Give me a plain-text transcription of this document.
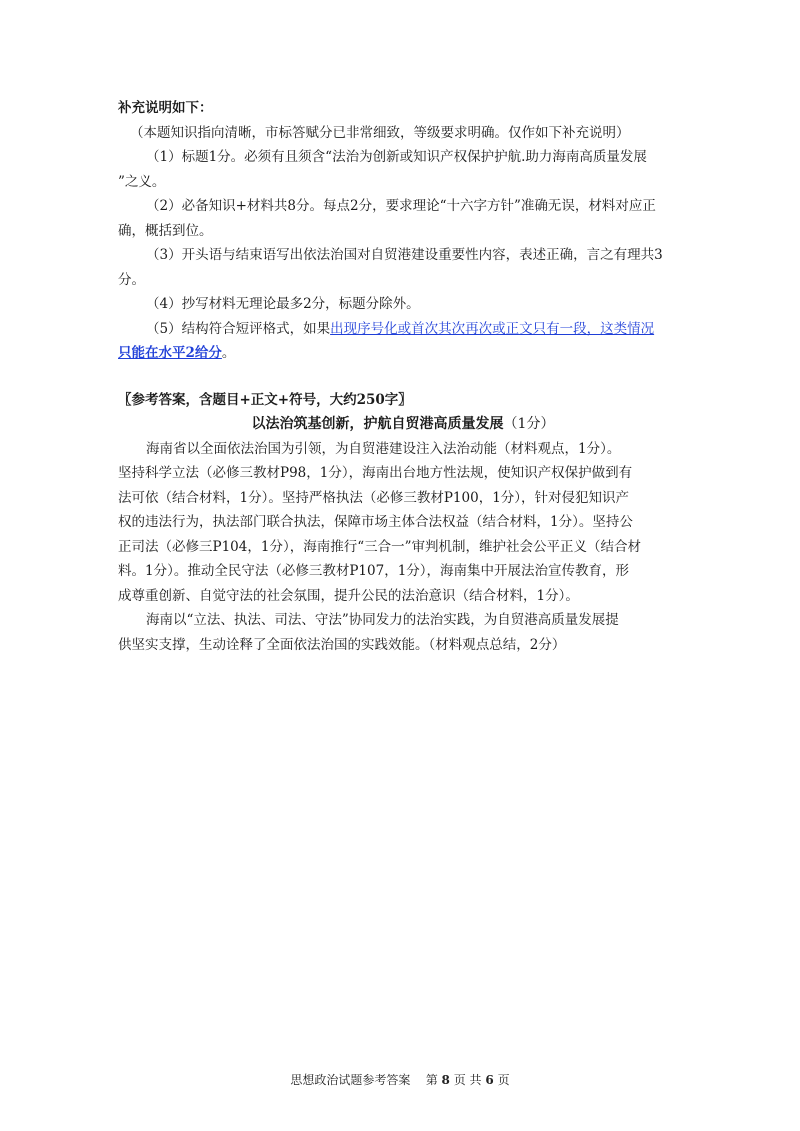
补充说明如下：
（本题知识指向清晰，市标答赋分已非常细致，等级要求明确。仅作如下补充说明）
（1）标题1分。必须有且须含“法治为创新或知识产权保护护航.助力海南高质量发展
”之义。
（2）必备知识+材料共8分。每点2分，要求理论“十六字方针”准确无误，材料对应正
确，概括到位。
（3）开头语与结束语写出依法治国对自贸港建设重要性内容，表述正确，言之有理共3
分。
（4）抄写材料无理论最多2分，标题分除外。
（5）结构符合短评格式，如果出现序号化或首次其次再次或正文只有一段，这类情况
只能在水平2给分。
〖参考答案，含题目+正文+符号，大约250字〗
以法治筑基创新，护航自贸港高质量发展（1分）
海南省以全面依法治国为引领，为自贸港建设注入法治动能（材料观点，1分）。
坚持科学立法（必修三教材P98，1分），海南出台地方性法规，使知识产权保护做到有
法可依（结合材料，1分）。坚持严格执法（必修三教材P100，1分），针对侵犯知识产
权的违法行为，执法部门联合执法，保障市场主体合法权益（结合材料，1分）。坚持公
正司法（必修三P104，1分），海南推行“三合一”审判机制，维护社会公平正义（结合材
料。1分）。推动全民守法（必修三教材P107，1分），海南集中开展法治宣传教育，形
成尊重创新、自觉守法的社会氛围，提升公民的法治意识（结合材料，1分）。
海南以“立法、执法、司法、守法”协同发力的法治实践，为自贸港高质量发展提
供坚实支撑，生动诠释了全面依法治国的实践效能。（材料观点总结，2分）
思想政治试题参考答案 第 8 页 共 6 页
